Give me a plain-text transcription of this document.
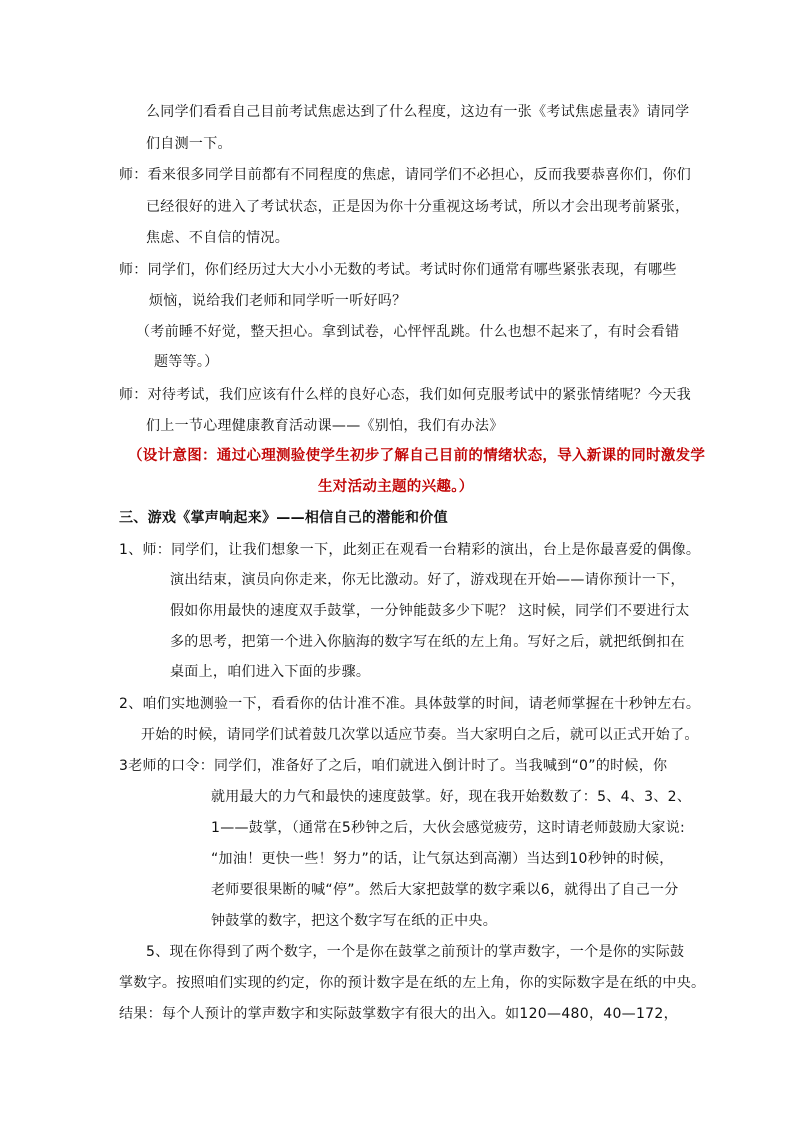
么同学们看看自己目前考试焦虑达到了什么程度，这边有一张《考试焦虑量表》请同学
们自测一下。
师：看来很多同学目前都有不同程度的焦虑，请同学们不必担心，反而我要恭喜你们，你们
已经很好的进入了考试状态，正是因为你十分重视这场考试，所以才会出现考前紧张，
焦虑、不自信的情况。
师：同学们，你们经历过大大小小无数的考试。考试时你们通常有哪些紧张表现，有哪些
烦恼，说给我们老师和同学听一听好吗？
（考前睡不好觉，整天担心。拿到试卷，心怦怦乱跳。什么也想不起来了，有时会看错
题等等。）
师：对待考试，我们应该有什么样的良好心态，我们如何克服考试中的紧张情绪呢？今天我
们上一节心理健康教育活动课——《别怕，我们有办法》
（设计意图：通过心理测验使学生初步了解自己目前的情绪状态，导入新课的同时激发学
生对活动主题的兴趣。）
三、游戏《掌声响起来》——相信自己的潜能和价值
1、师：同学们，让我们想象一下，此刻正在观看一台精彩的演出，台上是你最喜爱的偶像。
演出结束，演员向你走来，你无比激动。好了，游戏现在开始——请你预计一下，
假如你用最快的速度双手鼓掌，一分钟能鼓多少下呢？ 这时候，同学们不要进行太
多的思考，把第一个进入你脑海的数字写在纸的左上角。写好之后，就把纸倒扣在
桌面上，咱们进入下面的步骤。
2、咱们实地测验一下，看看你的估计准不准。具体鼓掌的时间，请老师掌握在十秒钟左右。
开始的时候，请同学们试着鼓几次掌以适应节奏。当大家明白之后，就可以正式开始了。
3老师的口令：同学们，准备好了之后，咱们就进入倒计时了。当我喊到“0”的时候，你
就用最大的力气和最快的速度鼓掌。好，现在我开始数数了：5、4、3、2、
1——鼓掌，（通常在5秒钟之后，大伙会感觉疲劳，这时请老师鼓励大家说:
“加油！更快一些！努力”的话，让气氛达到高潮）当达到10秒钟的时候，
老师要很果断的喊“停”。然后大家把鼓掌的数字乘以6，就得出了自己一分
钟鼓掌的数字，把这个数字写在纸的正中央。
5、现在你得到了两个数字，一个是你在鼓掌之前预计的掌声数字，一个是你的实际鼓
掌数字。按照咱们实现的约定，你的预计数字是在纸的左上角，你的实际数字是在纸的中央。
结果：每个人预计的掌声数字和实际鼓掌数字有很大的出入。如120—480，40—172，
